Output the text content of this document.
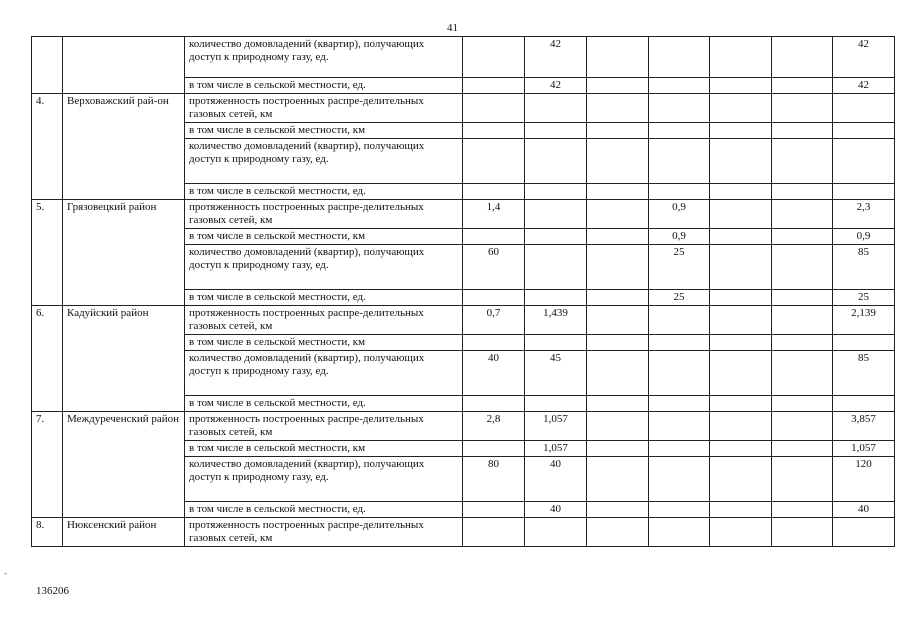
41
		количество домовладений (квартир), получающих доступ к природному газу, ед.		42					42
		в том числе в сельской местности, ед.		42					42
4.	Верховажский рай-он	протяженность построенных распре-делительных газовых сетей, км							
		в том числе в сельской местности, км							
		количество домовладений (квартир), получающих доступ к природному газу, ед.							
		в том числе в сельской местности, ед.							
5.	Грязовецкий район	протяженность построенных распре-делительных газовых сетей, км	1,4			0,9			2,3
		в том числе в сельской местности, км				0,9			0,9
		количество домовладений (квартир), получающих доступ к природному газу, ед.	60			25			85
		в том числе в сельской местности, ед.				25			25
6.	Кадуйский район	протяженность построенных распре-делительных газовых сетей, км	0,7	1,439					2,139
		в том числе в сельской местности, км							
		количество домовладений (квартир), получающих доступ к природному газу, ед.	40	45					85
		в том числе в сельской местности, ед.							
7.	Междуреченский район	протяженность построенных распре-делительных газовых сетей, км	2,8	1,057					3,857
		в том числе в сельской местности, км		1,057					1,057
		количество домовладений (квартир), получающих доступ к природному газу, ед.	80	40					120
		в том числе в сельской местности, ед.		40					40
8.	Нюксенский район	протяженность построенных распре-делительных газовых сетей, км							
-
136206
